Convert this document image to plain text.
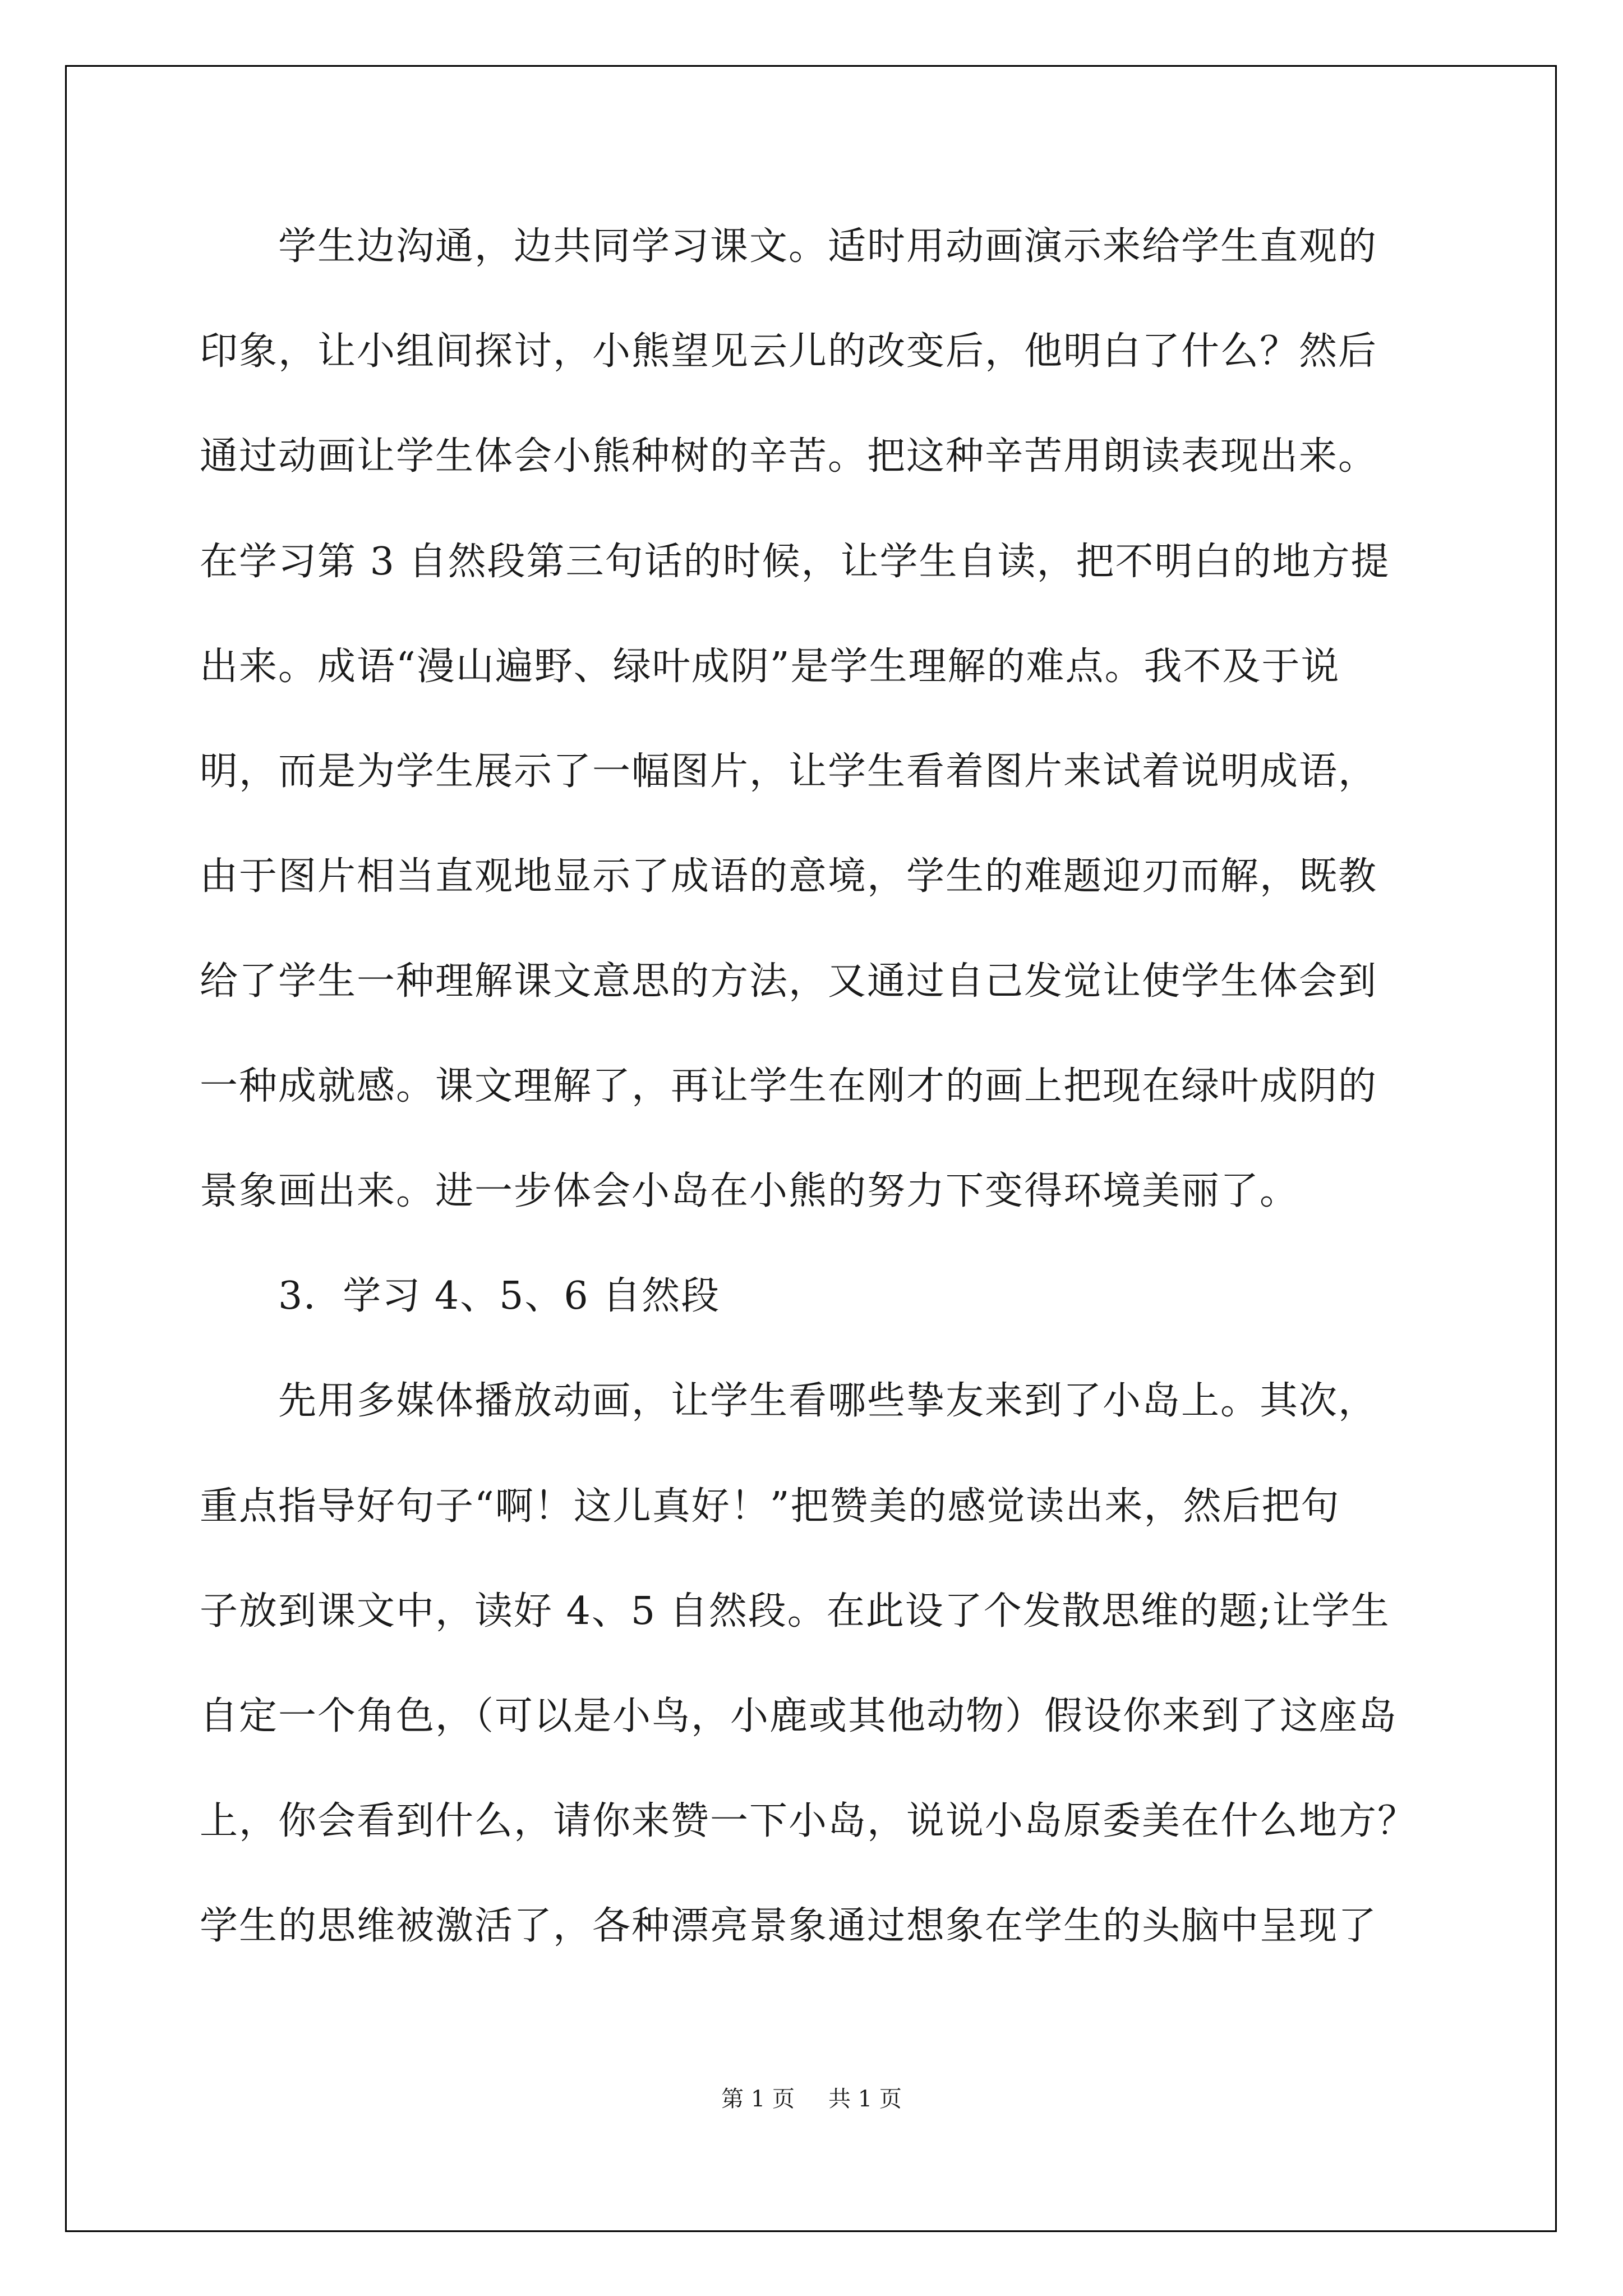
学生边沟通，边共同学习课文。适时用动画演示来给学生直观的
印象，让小组间探讨，小熊望见云儿的改变后，他明白了什么？然后
通过动画让学生体会小熊种树的辛苦。把这种辛苦用朗读表现出来。
在学习第 3 自然段第三句话的时候，让学生自读，把不明白的地方提
出来。成语“漫山遍野、绿叶成阴”是学生理解的难点。我不及于说
明，而是为学生展示了一幅图片，让学生看着图片来试着说明成语，
由于图片相当直观地显示了成语的意境，学生的难题迎刃而解，既教
给了学生一种理解课文意思的方法，又通过自己发觉让使学生体会到
一种成就感。课文理解了，再让学生在刚才的画上把现在绿叶成阴的
景象画出来。进一步体会小岛在小熊的努力下变得环境美丽了。
3．学习 4、5、6 自然段
先用多媒体播放动画，让学生看哪些挚友来到了小岛上。其次，
重点指导好句子“啊！这儿真好！”把赞美的感觉读出来，然后把句
子放到课文中，读好 4、5 自然段。在此设了个发散思维的题;让学生
自定一个角色，（可以是小鸟，小鹿或其他动物）假设你来到了这座岛
上，你会看到什么，请你来赞一下小岛，说说小岛原委美在什么地方？
学生的思维被激活了，各种漂亮景象通过想象在学生的头脑中呈现了
第 1 页 共 1 页
